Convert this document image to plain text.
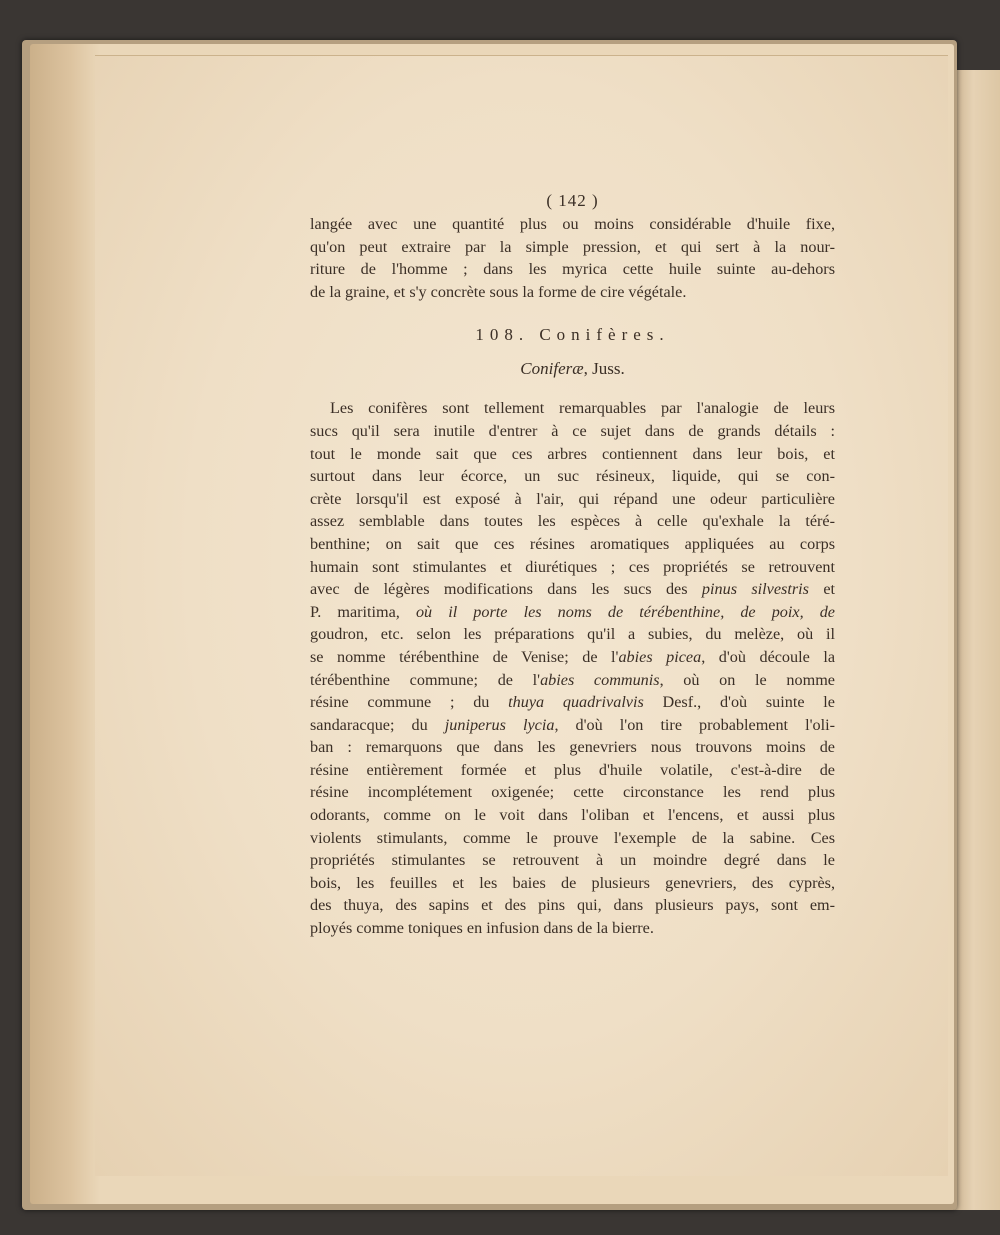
( 142 )
langée avec une quantité plus ou moins considérable d'huile fixe,
qu'on peut extraire par la simple pression, et qui sert à la nour-
riture de l'homme ; dans les myrica cette huile suinte au-dehors
de la graine, et s'y concrète sous la forme de cire végétale.
108. Conifères.
Coniferæ, Juss.
Les conifères sont tellement remarquables par l'analogie de leurs
sucs qu'il sera inutile d'entrer à ce sujet dans de grands détails :
tout le monde sait que ces arbres contiennent dans leur bois, et
surtout dans leur écorce, un suc résineux, liquide, qui se con-
crète lorsqu'il est exposé à l'air, qui répand une odeur particulière
assez semblable dans toutes les espèces à celle qu'exhale la téré-
benthine; on sait que ces résines aromatiques appliquées au corps
humain sont stimulantes et diurétiques ; ces propriétés se retrouvent
avec de légères modifications dans les sucs des pinus silvestris et
P. maritima, où il porte les noms de térébenthine, de poix, de
goudron, etc. selon les préparations qu'il a subies, du melèze, où il
se nomme térébenthine de Venise; de l'abies picea, d'où découle la
térébenthine commune; de l'abies communis, où on le nomme
résine commune ; du thuya quadrivalvis Desf., d'où suinte le
sandaracque; du juniperus lycia, d'où l'on tire probablement l'oli-
ban : remarquons que dans les genevriers nous trouvons moins de
résine entièrement formée et plus d'huile volatile, c'est-à-dire de
résine incomplétement oxigenée; cette circonstance les rend plus
odorants, comme on le voit dans l'oliban et l'encens, et aussi plus
violents stimulants, comme le prouve l'exemple de la sabine. Ces
propriétés stimulantes se retrouvent à un moindre degré dans le
bois, les feuilles et les baies de plusieurs genevriers, des cyprès,
des thuya, des sapins et des pins qui, dans plusieurs pays, sont em-
ployés comme toniques en infusion dans de la bierre.
